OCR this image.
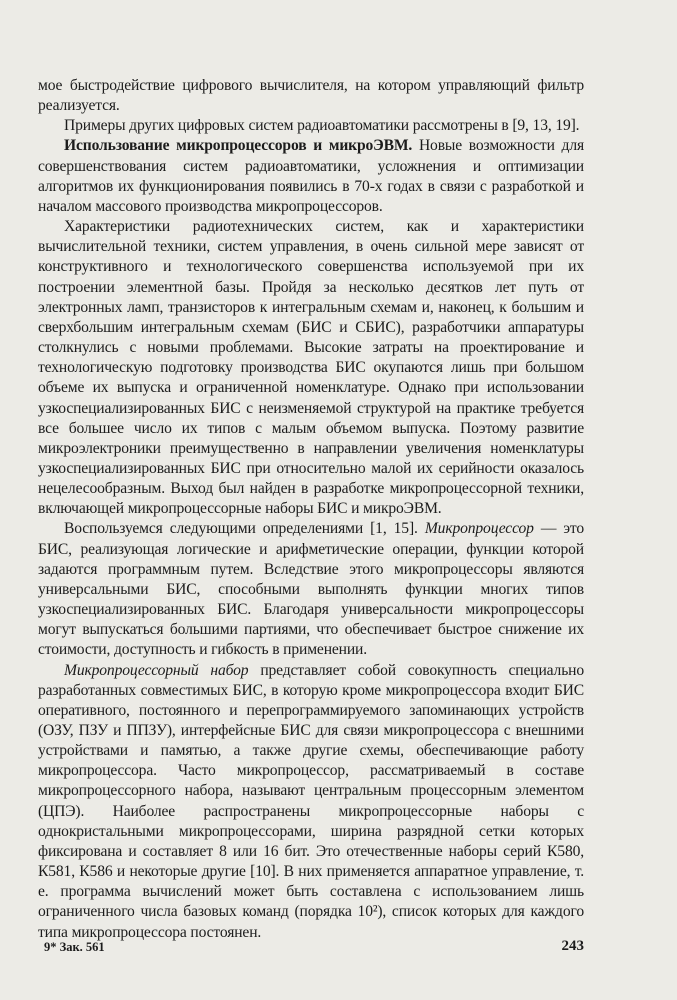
мое быстродействие цифрового вычислителя, на котором управляющий фильтр реализуется.

Примеры других цифровых систем радиоавтоматики рассмотрены в [9, 13, 19].

Использование микропроцессоров и микроЭВМ. Новые возможности для совершенствования систем радиоавтоматики, усложнения и оптимизации алгоритмов их функционирования появились в 70-х годах в связи с разработкой и началом массового производства микропроцессоров.

Характеристики радиотехнических систем, как и характеристики вычислительной техники, систем управления, в очень сильной мере зависят от конструктивного и технологического совершенства используемой при их построении элементной базы. Пройдя за несколько десятков лет путь от электронных ламп, транзисторов к интегральным схемам и, наконец, к большим и сверхбольшим интегральным схемам (БИС и СБИС), разработчики аппаратуры столкнулись с новыми проблемами. Высокие затраты на проектирование и технологическую подготовку производства БИС окупаются лишь при большом объеме их выпуска и ограниченной номенклатуре. Однако при использовании узкоспециализированных БИС с неизменяемой структурой на практике требуется все большее число их типов с малым объемом выпуска. Поэтому развитие микроэлектроники преимущественно в направлении увеличения номенклатуры узкоспециализированных БИС при относительно малой их серийности оказалось нецелесообразным. Выход был найден в разработке микропроцессорной техники, включающей микропроцессорные наборы БИС и микроЭВМ.

Воспользуемся следующими определениями [1, 15]. Микропроцессор — это БИС, реализующая логические и арифметические операции, функции которой задаются программным путем. Вследствие этого микропроцессоры являются универсальными БИС, способными выполнять функции многих типов узкоспециализированных БИС. Благодаря универсальности микропроцессоры могут выпускаться большими партиями, что обеспечивает быстрое снижение их стоимости, доступность и гибкость в применении.

Микропроцессорный набор представляет собой совокупность специально разработанных совместимых БИС, в которую кроме микропроцессора входит БИС оперативного, постоянного и перепрограммируемого запоминающих устройств (ОЗУ, ПЗУ и ППЗУ), интерфейсные БИС для связи микропроцессора с внешними устройствами и памятью, а также другие схемы, обеспечивающие работу микропроцессора. Часто микропроцессор, рассматриваемый в составе микропроцессорного набора, называют центральным процессорным элементом (ЦПЭ). Наиболее распространены микропроцессорные наборы с однокристальными микропроцессорами, ширина разрядной сетки которых фиксирована и составляет 8 или 16 бит. Это отечественные наборы серий К580, К581, К586 и некоторые другие [10]. В них применяется аппаратное управление, т. е. программа вычислений может быть составлена с использованием лишь ограниченного числа базовых команд (порядка 10²), список которых для каждого типа микропроцессора постоянен.

9* Зак. 561	243
